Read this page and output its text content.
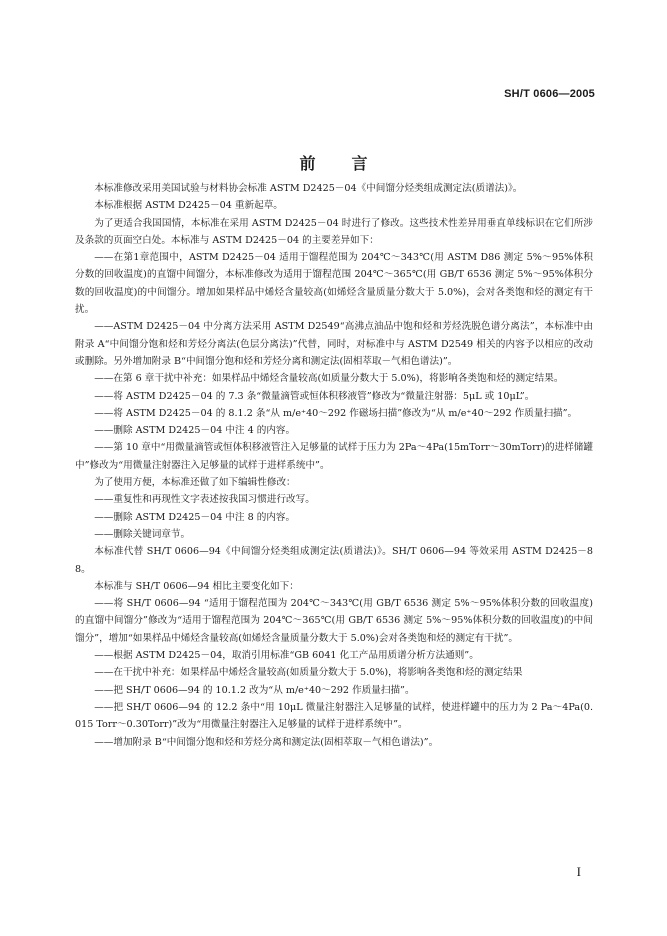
SH/T 0606—2005
前言

本标准修改采用美国试验与材料协会标准 ASTM D2425－04《中间馏分烃类组成测定法(质谱法)》。

本标准根据 ASTM D2425－04 重新起草。

为了更适合我国国情，本标准在采用 ASTM D2425－04 时进行了修改。这些技术性差异用垂直单线标识在它们所涉及条款的页面空白处。本标准与 ASTM D2425－04 的主要差异如下：

——在第1章范围中，ASTM D2425－04 适用于馏程范围为 204℃～343℃(用 ASTM D86 测定 5%～95%体积分数的回收温度)的直馏中间馏分，本标准修改为适用于馏程范围 204℃～365℃(用 GB/T 6536 测定 5%～95%体积分数的回收温度)的中间馏分。增加如果样品中烯烃含量较高(如烯烃含量质量分数大于 5.0%)，会对各类饱和烃的测定有干扰。

——ASTM D2425－04 中分离方法采用 ASTM D2549“高沸点油品中饱和烃和芳烃洗脱色谱分离法”，本标准中由附录 A“中间馏分饱和烃和芳烃分离法(色层分离法)”代替，同时，对标准中与 ASTM D2549 相关的内容予以相应的改动或删除。另外增加附录 B“中间馏分饱和烃和芳烃分离和测定法(固相萃取－气相色谱法)”。

——在第 6 章干扰中补充：如果样品中烯烃含量较高(如质量分数大于 5.0%)，将影响各类饱和烃的测定结果。

——将 ASTM D2425－04 的 7.3 条“微量滴管或恒体积移液管”修改为“微量注射器：5μL 或 10μL”。

——将 ASTM D2425－04 的 8.1.2 条“从 m/e⁺40～292 作磁场扫描”修改为“从 m/e⁺40～292 作质量扫描”。

——删除 ASTM D2425－04 中注 4 的内容。

——第 10 章中“用微量滴管或恒体积移液管注入足够量的试样于压力为 2Pa～4Pa(15mTorr～30mTorr)的进样储罐中”修改为“用微量注射器注入足够量的试样于进样系统中”。

为了使用方便，本标准还做了如下编辑性修改：

——重复性和再现性文字表述按我国习惯进行改写。

——删除 ASTM D2425－04 中注 8 的内容。

——删除关键词章节。

本标准代替 SH/T 0606—94《中间馏分烃类组成测定法(质谱法)》。SH/T 0606—94 等效采用 ASTM D2425－88。

本标准与 SH/T 0606—94 相比主要变化如下：

——将 SH/T 0606—94 “适用于馏程范围为 204℃～343℃(用 GB/T 6536 测定 5%～95%体积分数的回收温度)的直馏中间馏分”修改为“适用于馏程范围为 204℃～365℃(用 GB/T 6536 测定 5%～95%体积分数的回收温度)的中间馏分”，增加“如果样品中烯烃含量较高(如烯烃含量质量分数大于 5.0%)会对各类饱和烃的测定有干扰”。

——根据 ASTM D2425－04，取消引用标准“GB 6041 化工产品用质谱分析方法通则”。

——在干扰中补充：如果样品中烯烃含量较高(如质量分数大于 5.0%)，将影响各类饱和烃的测定结果

——把 SH/T 0606—94 的 10.1.2 改为“从 m/e⁺40～292 作质量扫描”。

——把 SH/T 0606—94 的 12.2 条中“用 10μL 微量注射器注入足够量的试样，使进样罐中的压力为 2 Pa～4Pa(0.015 Torr～0.30Torr)”改为“用微量注射器注入足够量的试样于进样系统中”。

——增加附录 B“中间馏分饱和烃和芳烃分离和测定法(固相萃取－气相色谱法)”。

I
